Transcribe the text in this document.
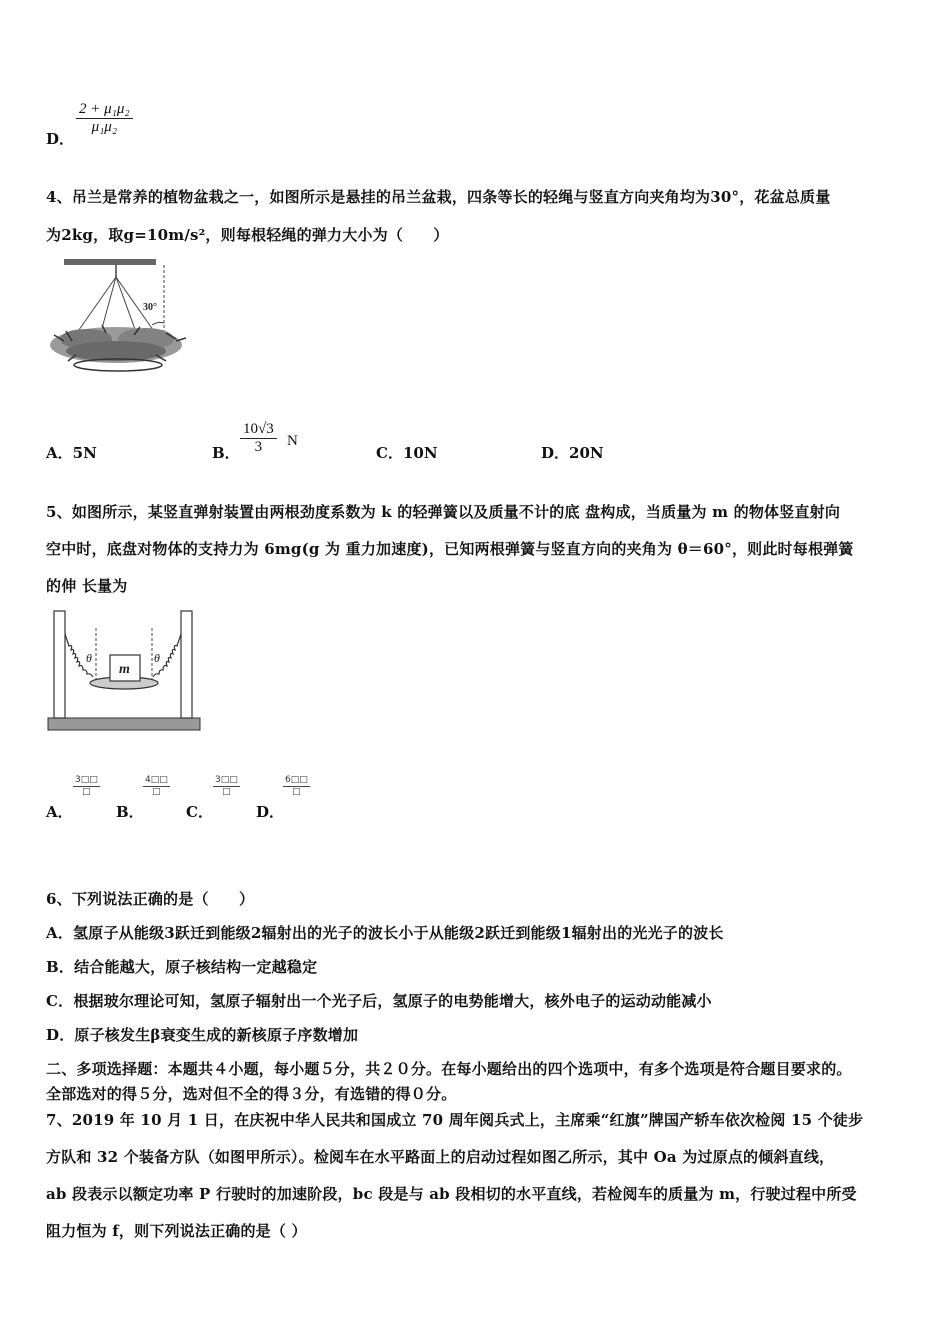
D．
$\frac{\text{2 + μ₁μ₂}}{\text{μ₁μ₂}}$
4、吊兰是常养的植物盆栽之一，如图所示是悬挂的吊兰盆栽，四条等长的轻绳与竖直方向夹角均为30°，花盆总质量
为2kg，取g=10m/s²，则每根轻绳的弹力大小为（　　）
30°
A．5N	B． $\frac{10√3}{3}$ N
C．10N	D．20N
5、如图所示，某竖直弹射装置由两根劲度系数为 k 的轻弹簧以及质量不计的底 盘构成，当质量为 m 的物体竖直射向
空中时，底盘对物体的支持力为 6mg(g 为 重力加速度)，已知两根弹簧与竖直方向的夹角为 θ＝60°，则此时每根弹簧
的伸 长量为
θ	θ
m
A．
3□□
□
B．
4□□
□
C．
3□□
□
D．
6□□
□
6、下列说法正确的是（　　）
A．氢原子从能级3跃迁到能级2辐射出的光子的波长小于从能级2跃迁到能级1辐射出的光光子的波长
B．结合能越大，原子核结构一定越稳定
C．根据玻尔理论可知，氢原子辐射出一个光子后，氢原子的电势能增大，核外电子的运动动能减小
D．原子核发生β衰变生成的新核原子序数增加
二、多项选择题：本题共４小题，每小题５分，共２０分。在每小题给出的四个选项中，有多个选项是符合题目要求的。
全部选对的得５分，选对但不全的得３分，有选错的得０分。
7、2019 年 10 月 1 日，在庆祝中华人民共和国成立 70 周年阅兵式上，主席乘“红旗”牌国产轿车依次检阅 15 个徒步
方队和 32 个装备方队（如图甲所示）。检阅车在水平路面上的启动过程如图乙所示，其中 Oa 为过原点的倾斜直线，
ab 段表示以额定功率 P 行驶时的加速阶段，bc 段是与 ab 段相切的水平直线，若检阅车的质量为 m，行驶过程中所受
阻力恒为 f，则下列说法正确的是（ ）
